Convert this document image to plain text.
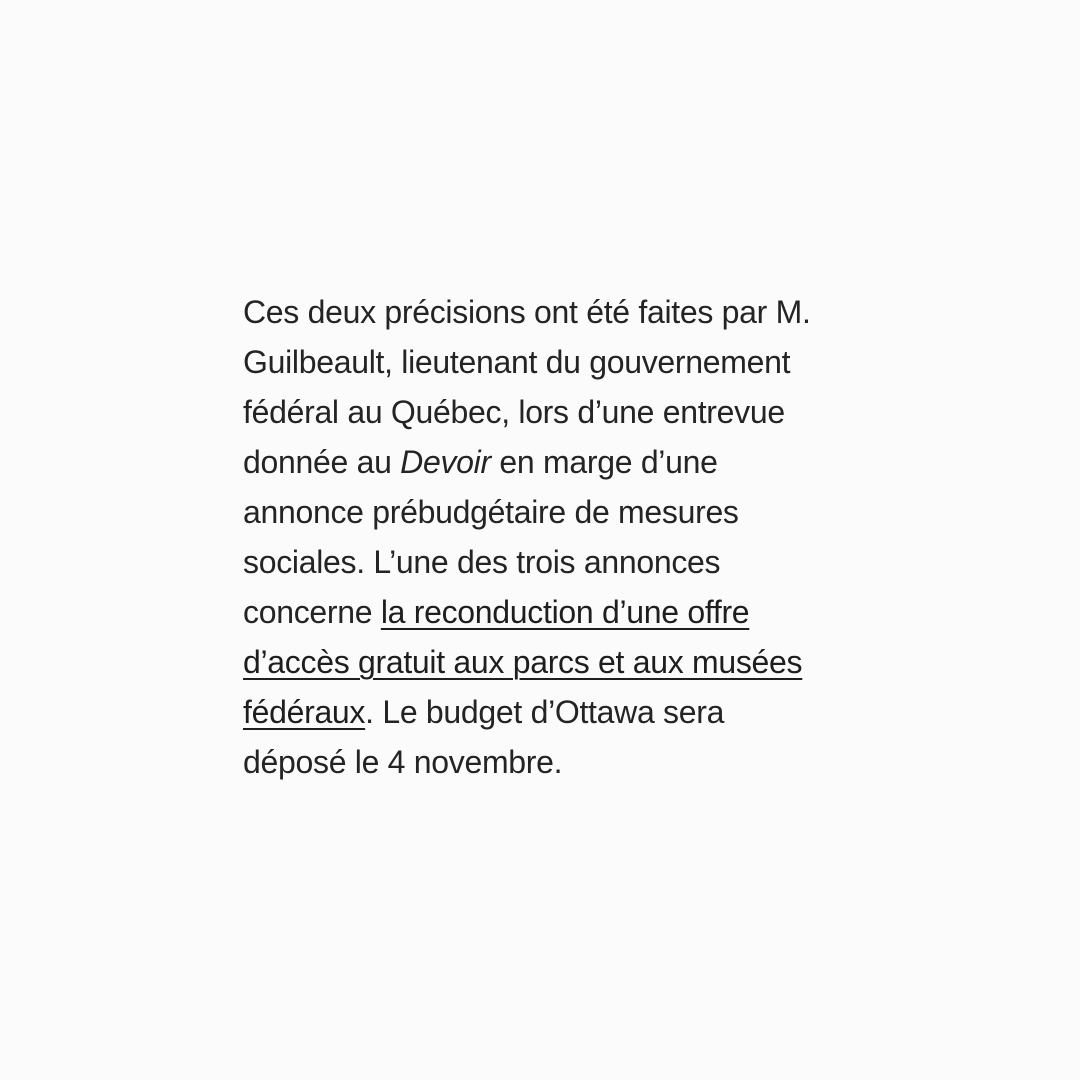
Ces deux précisions ont été faites par M.
Guilbeault, lieutenant du gouvernement
fédéral au Québec, lors d’une entrevue
donnée au Devoir en marge d’une
annonce prébudgétaire de mesures
sociales. L’une des trois annonces
concerne la reconduction d’une offre
d’accès gratuit aux parcs et aux musées
fédéraux. Le budget d’Ottawa sera
déposé le 4 novembre.
